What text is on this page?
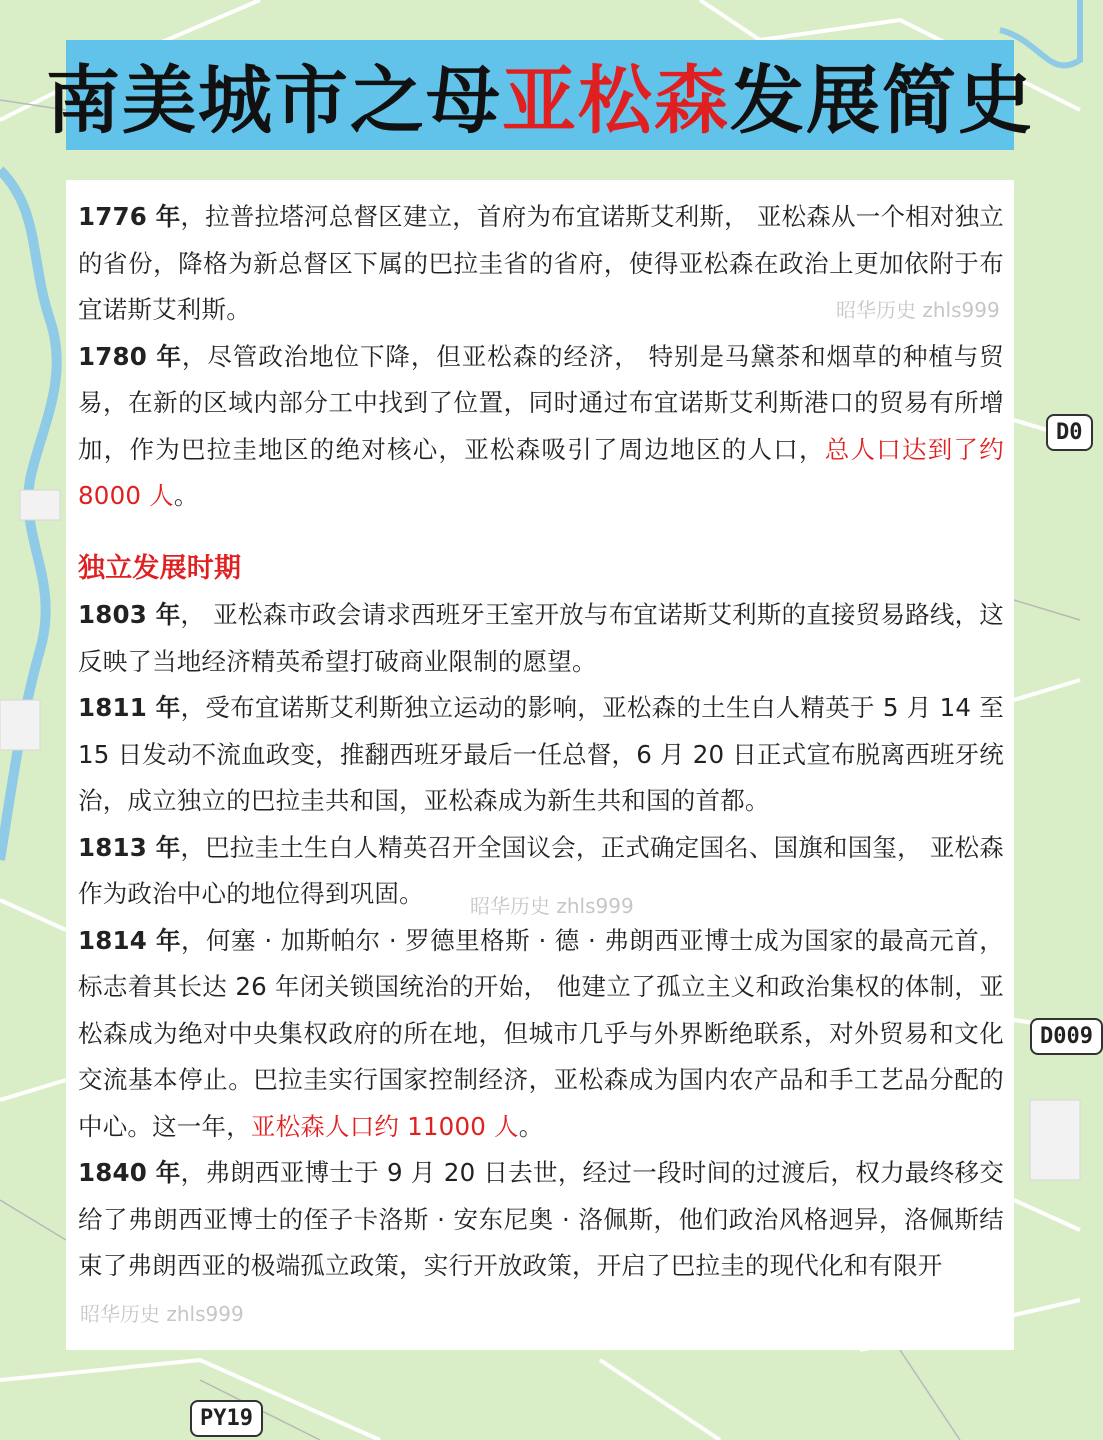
PY19
D009
D0
南美城市之母亚松森发展简史

1776 年，拉普拉塔河总督区建立，首府为布宜诺斯艾利斯， 亚松森从一个相对独立的省份，降格为新总督区下属的巴拉圭省的省府，使得亚松森在政治上更加依附于布宜诺斯艾利斯。

1780 年，尽管政治地位下降，但亚松森的经济， 特别是马黛茶和烟草的种植与贸易，在新的区域内部分工中找到了位置，同时通过布宜诺斯艾利斯港口的贸易有所增加，作为巴拉圭地区的绝对核心，亚松森吸引了周边地区的人口，总人口达到了约 8000 人。

独立发展时期

1803 年， 亚松森市政会请求西班牙王室开放与布宜诺斯艾利斯的直接贸易路线，这反映了当地经济精英希望打破商业限制的愿望。

1811 年，受布宜诺斯艾利斯独立运动的影响，亚松森的土生白人精英于 5 月 14 至 15 日发动不流血政变，推翻西班牙最后一任总督，6 月 20 日正式宣布脱离西班牙统治，成立独立的巴拉圭共和国，亚松森成为新生共和国的首都。

1813 年，巴拉圭土生白人精英召开全国议会，正式确定国名、国旗和国玺， 亚松森作为政治中心的地位得到巩固。

1814 年，何塞 · 加斯帕尔 · 罗德里格斯 · 德 · 弗朗西亚博士成为国家的最高元首，标志着其长达 26 年闭关锁国统治的开始， 他建立了孤立主义和政治集权的体制，亚松森成为绝对中央集权政府的所在地，但城市几乎与外界断绝联系，对外贸易和文化交流基本停止。巴拉圭实行国家控制经济，亚松森成为国内农产品和手工艺品分配的中心。这一年，亚松森人口约 11000 人。

1840 年，弗朗西亚博士于 9 月 20 日去世，经过一段时间的过渡后，权力最终移交给了弗朗西亚博士的侄子卡洛斯 · 安东尼奥 · 洛佩斯，他们政治风格迥异，洛佩斯结束了弗朗西亚的极端孤立政策，实行开放政策，开启了巴拉圭的现代化和有限开

昭华历史 zhls999
昭华历史 zhls999
昭华历史 zhls999
